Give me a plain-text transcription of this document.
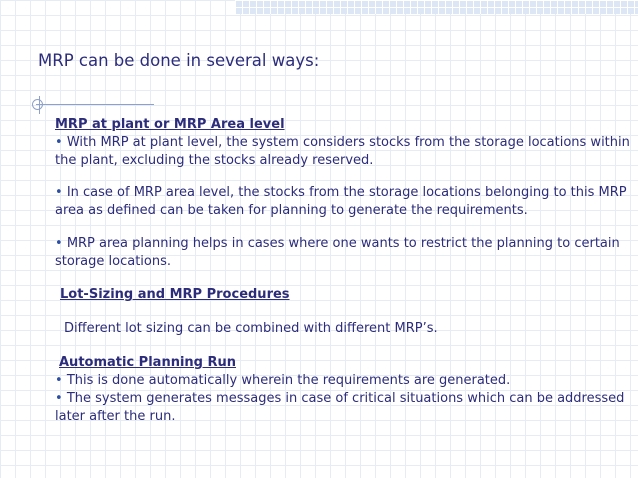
MRP can be done in several ways:
MRP at plant or MRP Area level
• With MRP at plant level, the system considers stocks from the storage locations within
the plant, excluding the stocks already reserved.
• In case of MRP area level, the stocks from the storage locations belonging to this MRP
area as defined can be taken for planning to generate the requirements.
• MRP area planning helps in cases where one wants to restrict the planning to certain
storage locations.
Lot-Sizing and MRP Procedures
Different lot sizing can be combined with different MRP’s.
Automatic Planning Run
• This is done automatically wherein the requirements are generated.
• The system generates messages in case of critical situations which can be addressed
later after the run.
